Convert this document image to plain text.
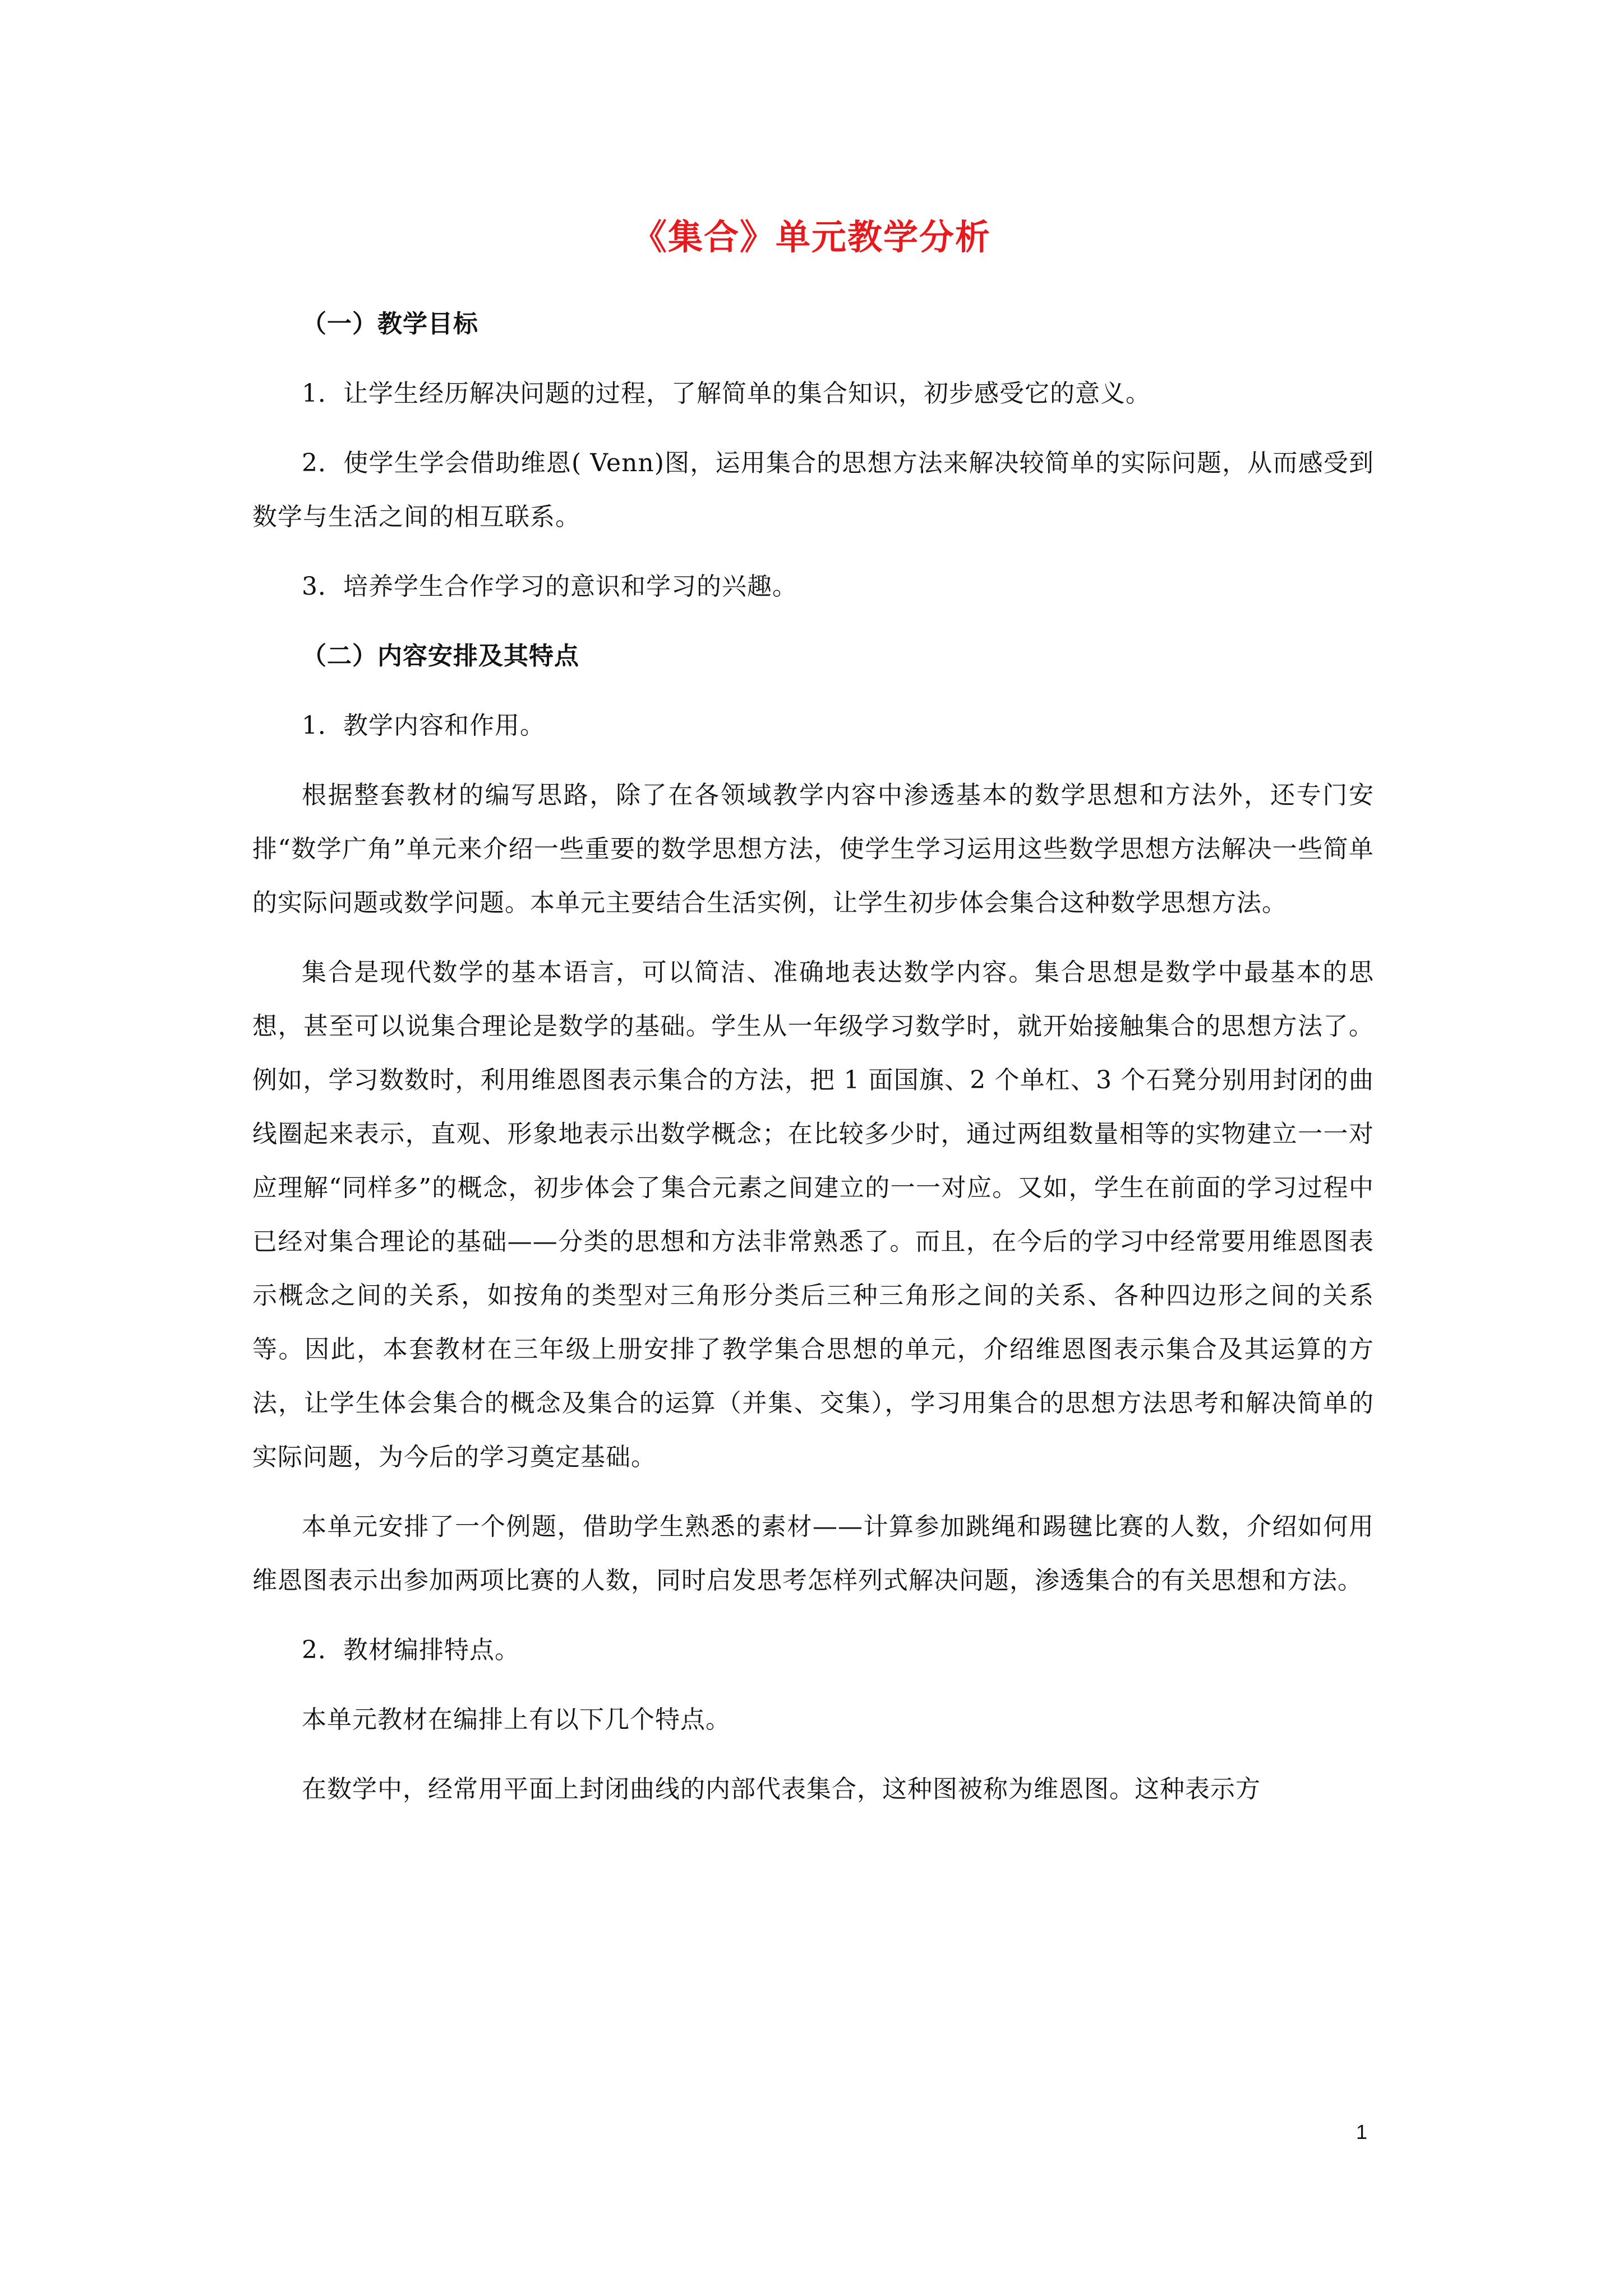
《集合》单元教学分析

（一）教学目标

1．让学生经历解决问题的过程，了解简单的集合知识，初步感受它的意义。

2．使学生学会借助维恩( Venn)图，运用集合的思想方法来解决较简单的实际问题，从而感受到数学与生活之间的相互联系。

3．培养学生合作学习的意识和学习的兴趣。

（二）内容安排及其特点

1．教学内容和作用。

根据整套教材的编写思路，除了在各领域教学内容中渗透基本的数学思想和方法外，还专门安排“数学广角”单元来介绍一些重要的数学思想方法，使学生学习运用这些数学思想方法解决一些简单的实际问题或数学问题。本单元主要结合生活实例，让学生初步体会集合这种数学思想方法。

集合是现代数学的基本语言，可以简洁、准确地表达数学内容。集合思想是数学中最基本的思想，甚至可以说集合理论是数学的基础。学生从一年级学习数学时，就开始接触集合的思想方法了。例如，学习数数时，利用维恩图表示集合的方法，把 1 面国旗、2 个单杠、3 个石凳分别用封闭的曲线圈起来表示，直观、形象地表示出数学概念；在比较多少时，通过两组数量相等的实物建立一一对应理解“同样多”的概念，初步体会了集合元素之间建立的一一对应。又如，学生在前面的学习过程中已经对集合理论的基础——分类的思想和方法非常熟悉了。而且，在今后的学习中经常要用维恩图表示概念之间的关系，如按角的类型对三角形分类后三种三角形之间的关系、各种四边形之间的关系等。因此，本套教材在三年级上册安排了教学集合思想的单元，介绍维恩图表示集合及其运算的方法，让学生体会集合的概念及集合的运算（并集、交集），学习用集合的思想方法思考和解决简单的实际问题，为今后的学习奠定基础。

本单元安排了一个例题，借助学生熟悉的素材——计算参加跳绳和踢毽比赛的人数，介绍如何用维恩图表示出参加两项比赛的人数，同时启发思考怎样列式解决问题，渗透集合的有关思想和方法。

2．教材编排特点。

本单元教材在编排上有以下几个特点。

在数学中，经常用平面上封闭曲线的内部代表集合，这种图被称为维恩图。这种表示方

1
